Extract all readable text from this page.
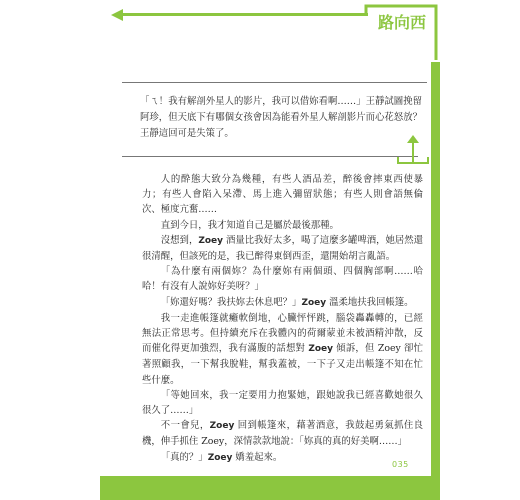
路向西
「ㄟ！我有解剖外星人的影片，我可以借妳看啊……」王靜試圖挽留阿珍，但天底下有哪個女孩會因為能看外星人解剖影片而心花怒放？王靜這回可是失策了。

人的酔態大致分為幾種，有些人酒品差，醉後會摔東西使暴力；有些人會陷入呆滯、馬上進入彌留狀態；有些人則會語無倫次、極度亢奮……

直到今日，我才知道自己是屬於最後那種。

沒想到，Zoey 酒量比我好太多，喝了這麼多罐啤酒，她居然還很清醒，但該死的是，我已醉得東倒西歪，還開始胡言亂語。

「為什麼有兩個妳？為什麼妳有兩個頭、四個胸部啊……哈哈！有沒有人說妳好美呀？」

「妳還好嗎？我扶妳去休息吧？」Zoey 溫柔地扶我回帳篷。

我一走進帳篷就癱軟倒地，心臟怦怦跳，腦袋轟轟轉的，已經無法正常思考。但持續充斥在我體內的荷爾蒙並未被酒精沖散，反而催化得更加強烈，我有滿腹的話想對 Zoey 傾訴，但 Zoey 卻忙著照顧我，一下幫我脫鞋，幫我蓋被，一下子又走出帳篷不知在忙些什麼。

「等她回來，我一定要用力抱緊她，跟她說我已經喜歡她很久很久了……」

不一會兒，Zoey 回到帳篷來，藉著酒意，我鼓起勇氣抓住良機，伸手抓住 Zoey，深情款款地說：「妳真的真的好美啊……」

「真的？」Zoey 嬌羞起來。

035
